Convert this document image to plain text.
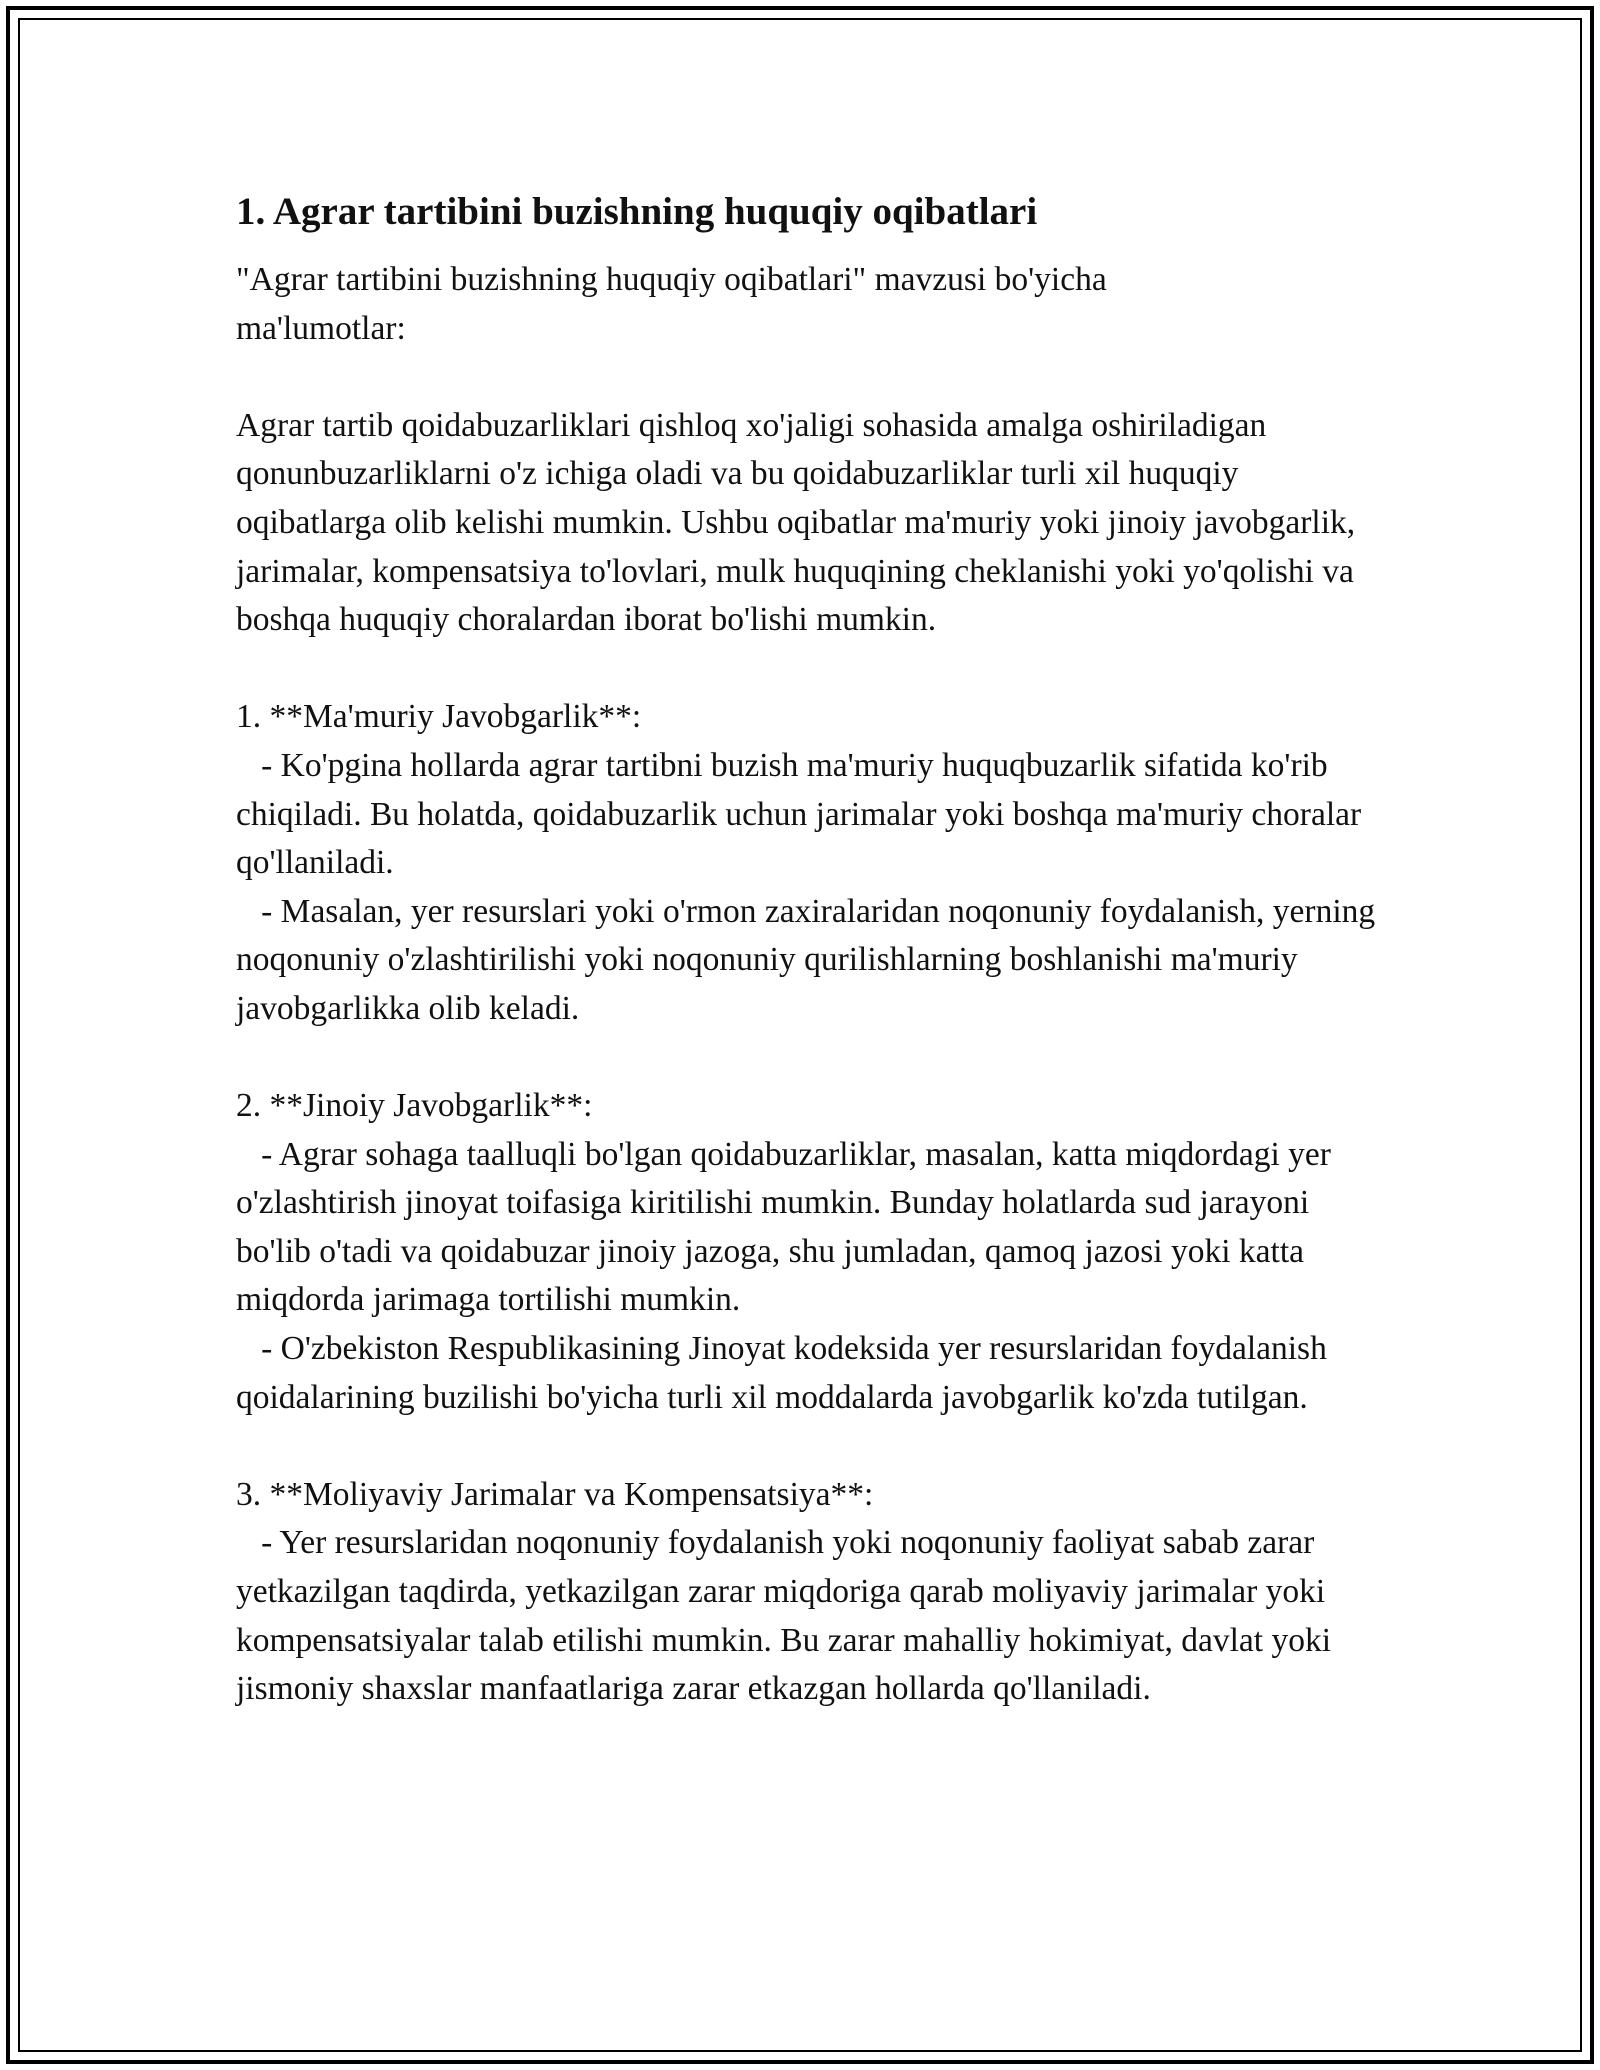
1. Agrar tartibini buzishning huquqiy oqibatlari
"Agrar tartibini buzishning huquqiy oqibatlari" mavzusi bo'yicha
ma'lumotlar:
Agrar tartib qoidabuzarliklari qishloq xo'jaligi sohasida amalga oshiriladigan qonunbuzarliklarni o'z ichiga oladi va bu qoidabuzarliklar turli xil huquqiy oqibatlarga olib kelishi mumkin. Ushbu oqibatlar ma'muriy yoki jinoiy javobgarlik, jarimalar, kompensatsiya to'lovlari, mulk huquqining cheklanishi yoki yo'qolishi va boshqa huquqiy choralardan iborat bo'lishi mumkin.
1. **Ma'muriy Javobgarlik**:
- Ko'pgina hollarda agrar tartibni buzish ma'muriy huquqbuzarlik sifatida ko'rib chiqiladi. Bu holatda, qoidabuzarlik uchun jarimalar yoki boshqa ma'muriy choralar qo'llaniladi.
- Masalan, yer resurslari yoki o'rmon zaxiralaridan noqonuniy foydalanish, yerning noqonuniy o'zlashtirilishi yoki noqonuniy qurilishlarning boshlanishi ma'muriy javobgarlikka olib keladi.
2. **Jinoiy Javobgarlik**:
- Agrar sohaga taalluqli bo'lgan qoidabuzarliklar, masalan, katta miqdordagi yer o'zlashtirish jinoyat toifasiga kiritilishi mumkin. Bunday holatlarda sud jarayoni bo'lib o'tadi va qoidabuzar jinoiy jazoga, shu jumladan, qamoq jazosi yoki katta miqdorda jarimaga tortilishi mumkin.
- O'zbekiston Respublikasining Jinoyat kodeksida yer resurslaridan foydalanish qoidalarining buzilishi bo'yicha turli xil moddalarda javobgarlik ko'zda tutilgan.
3. **Moliyaviy Jarimalar va Kompensatsiya**:
- Yer resurslaridan noqonuniy foydalanish yoki noqonuniy faoliyat sabab zarar yetkazilgan taqdirda, yetkazilgan zarar miqdoriga qarab moliyaviy jarimalar yoki kompensatsiyalar talab etilishi mumkin. Bu zarar mahalliy hokimiyat, davlat yoki jismoniy shaxslar manfaatlariga zarar etkazgan hollarda qo'llaniladi.
